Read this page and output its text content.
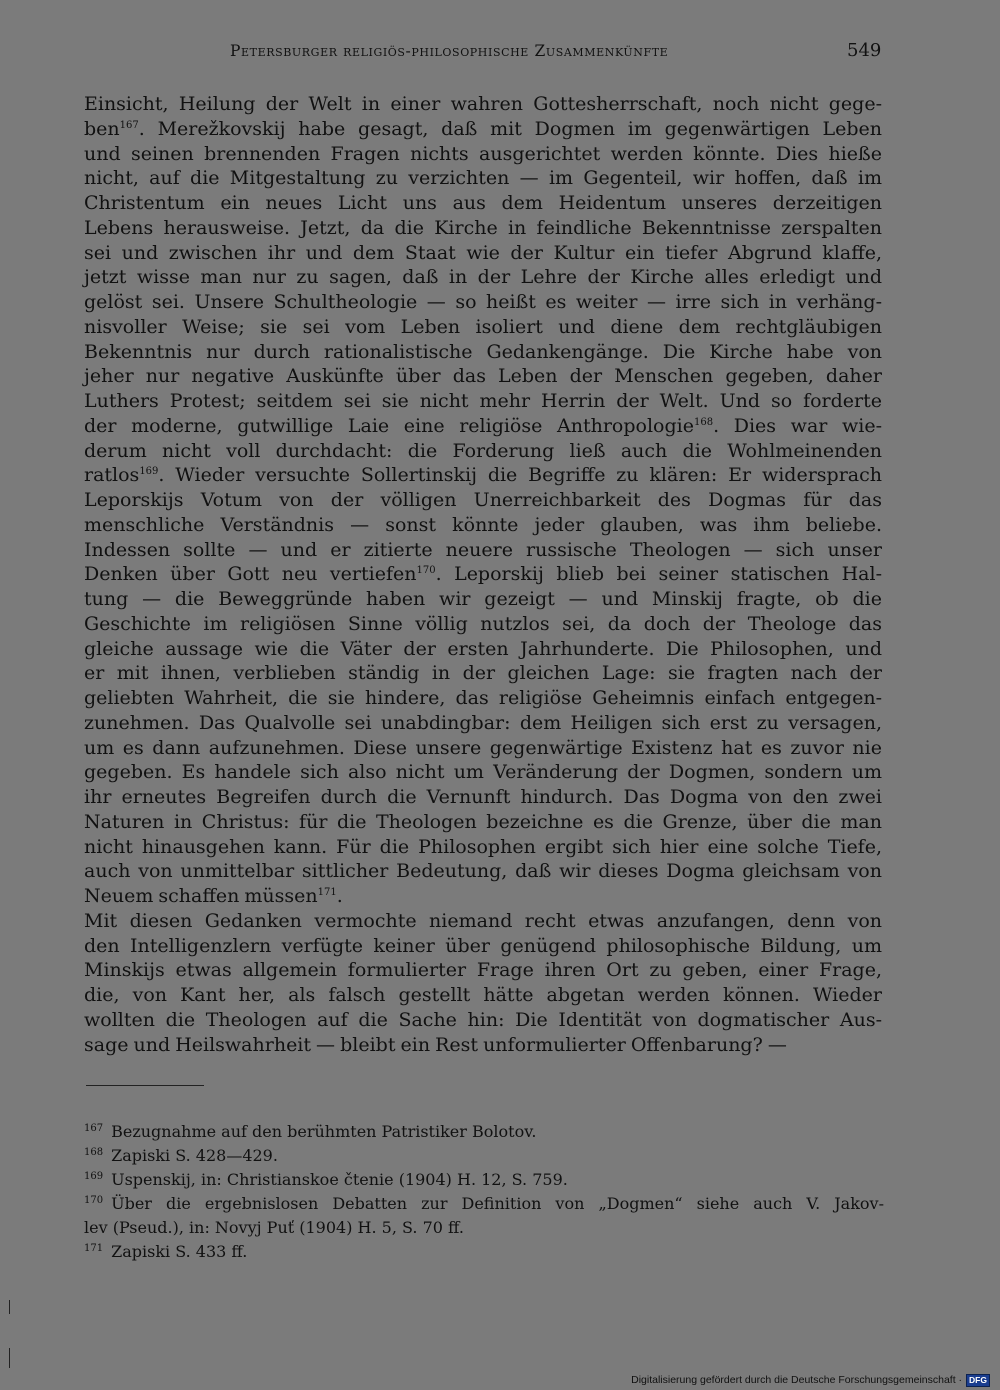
Petersburger religiös-philosophische Zusammenkünfte	549
Einsicht, Heilung der Welt in einer wahren Gottesherrschaft, noch nicht gege-
ben$^{167}$. Merežkovskij habe gesagt, daß mit Dogmen im gegenwärtigen Leben
und seinen brennenden Fragen nichts ausgerichtet werden könnte. Dies hieße
nicht, auf die Mitgestaltung zu verzichten — im Gegenteil, wir hoffen, daß im
Christentum ein neues Licht uns aus dem Heidentum unseres derzeitigen
Lebens herausweise. Jetzt, da die Kirche in feindliche Bekenntnisse zerspalten
sei und zwischen ihr und dem Staat wie der Kultur ein tiefer Abgrund klaffe,
jetzt wisse man nur zu sagen, daß in der Lehre der Kirche alles erledigt und
gelöst sei. Unsere Schultheologie — so heißt es weiter — irre sich in verhäng-
nisvoller Weise; sie sei vom Leben isoliert und diene dem rechtgläubigen
Bekenntnis nur durch rationalistische Gedankengänge. Die Kirche habe von
jeher nur negative Auskünfte über das Leben der Menschen gegeben, daher
Luthers Protest; seitdem sei sie nicht mehr Herrin der Welt. Und so forderte
der moderne, gutwillige Laie eine religiöse Anthropologie$^{168}$. Dies war wie-
derum nicht voll durchdacht: die Forderung ließ auch die Wohlmeinenden
ratlos$^{169}$. Wieder versuchte Sollertinskij die Begriffe zu klären: Er widersprach
Leporskijs Votum von der völligen Unerreichbarkeit des Dogmas für das
menschliche Verständnis — sonst könnte jeder glauben, was ihm beliebe.
Indessen sollte — und er zitierte neuere russische Theologen — sich unser
Denken über Gott neu vertiefen$^{170}$. Leporskij blieb bei seiner statischen Hal-
tung — die Beweggründe haben wir gezeigt — und Minskij fragte, ob die
Geschichte im religiösen Sinne völlig nutzlos sei, da doch der Theologe das
gleiche aussage wie die Väter der ersten Jahrhunderte. Die Philosophen, und
er mit ihnen, verblieben ständig in der gleichen Lage: sie fragten nach der
geliebten Wahrheit, die sie hindere, das religiöse Geheimnis einfach entgegen-
zunehmen. Das Qualvolle sei unabdingbar: dem Heiligen sich erst zu versagen,
um es dann aufzunehmen. Diese unsere gegenwärtige Existenz hat es zuvor nie
gegeben. Es handele sich also nicht um Veränderung der Dogmen, sondern um
ihr erneutes Begreifen durch die Vernunft hindurch. Das Dogma von den zwei
Naturen in Christus: für die Theologen bezeichne es die Grenze, über die man
nicht hinausgehen kann. Für die Philosophen ergibt sich hier eine solche Tiefe,
auch von unmittelbar sittlicher Bedeutung, daß wir dieses Dogma gleichsam von
Neuem schaffen müssen$^{171}$.
Mit diesen Gedanken vermochte niemand recht etwas anzufangen, denn von
den Intelligenzlern verfügte keiner über genügend philosophische Bildung, um
Minskijs etwas allgemein formulierter Frage ihren Ort zu geben, einer Frage,
die, von Kant her, als falsch gestellt hätte abgetan werden können. Wieder
wollten die Theologen auf die Sache hin: Die Identität von dogmatischer Aus-
sage und Heilswahrheit — bleibt ein Rest unformulierter Offenbarung? —
$^{167}$ Bezugnahme auf den berühmten Patristiker Bolotov.
$^{168}$ Zapiski S. 428—429.
$^{169}$ Uspenskij, in: Christianskoe čtenie (1904) H. 12, S. 759.
$^{170}$ Über die ergebnislosen Debatten zur Definition von „Dogmen“ siehe auch V. Jakov-
lev (Pseud.), in: Novyj Puť (1904) H. 5, S. 70 ff.
$^{171}$ Zapiski S. 433 ff.
Digitalisierung gefördert durch die Deutsche Forschungsgemeinschaft · DFG
